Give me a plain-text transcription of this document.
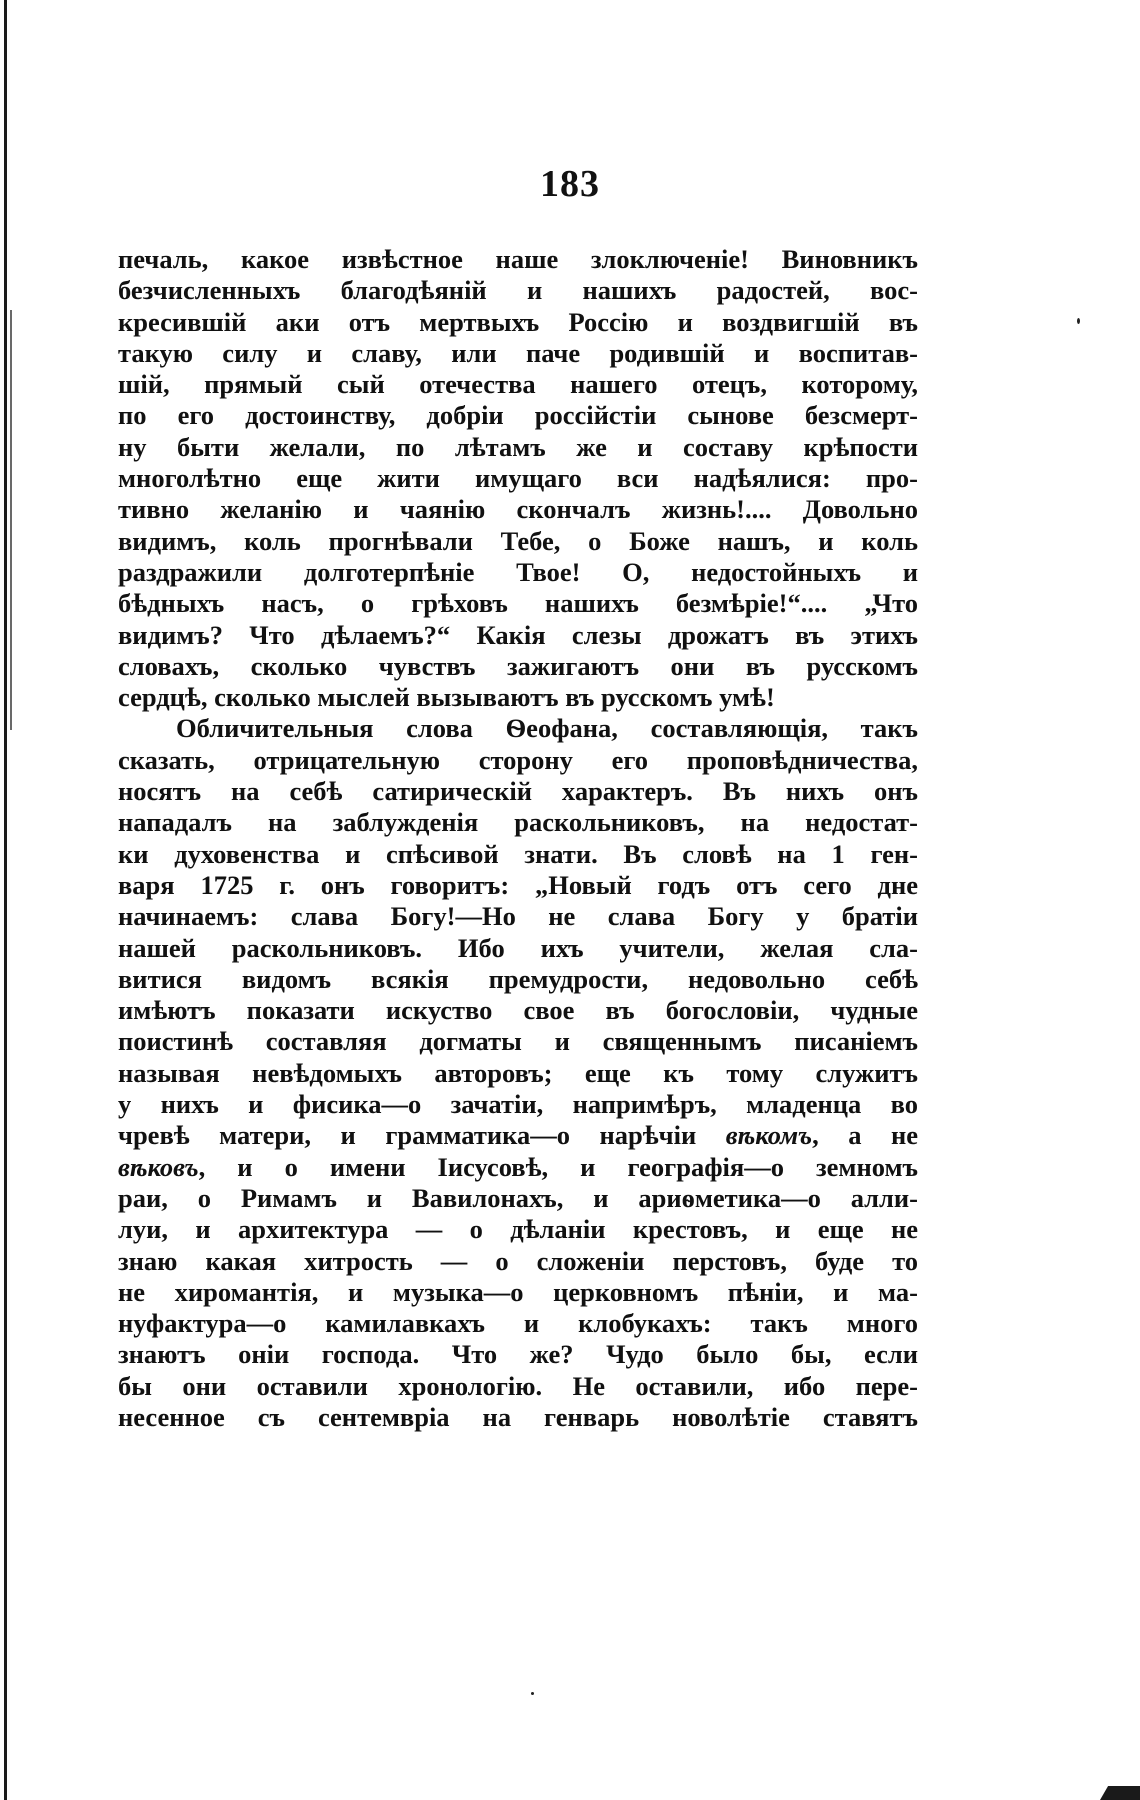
183
печаль, какое извѣстное наше злоключеніе! Виновникъ
безчисленныхъ благодѣяній и нашихъ радостей, вос-
кресившій аки отъ мертвыхъ Россію и воздвигшій въ
такую силу и славу, или паче родившій и воспитав-
шій, прямый сый отечества нашего отецъ, которому,
по его достоинству, добріи россійстіи сынове безсмерт-
ну быти желали, по лѣтамъ же и составу крѣпости
многолѣтно еще жити имущаго вси надѣялися: про-
тивно желанію и чаянію скончалъ жизнь!.... Довольно
видимъ, коль прогнѣвали Тебе, о Боже нашъ, и коль
раздражили долготерпѣніе Твое! О, недостойныхъ и
бѣдныхъ насъ, о грѣховъ нашихъ безмѣріе!“.... „Что
видимъ? Что дѣлаемъ?“ Какія слезы дрожатъ въ этихъ
словахъ, сколько чувствъ зажигаютъ они въ русскомъ
сердцѣ, сколько мыслей вызываютъ въ русскомъ умѣ!
Обличительныя слова Ѳеофана, составляющія, такъ
сказать, отрицательную сторону его проповѣдничества,
носятъ на себѣ сатирическій характеръ. Въ нихъ онъ
нападалъ на заблужденія раскольниковъ, на недостат-
ки духовенства и спѣсивой знати. Въ словѣ на 1 ген-
варя 1725 г. онъ говоритъ: „Новый годъ отъ сего дне
начинаемъ: слава Богу!—Но не слава Богу у братіи
нашей раскольниковъ. Ибо ихъ учители, желая сла-
витися видомъ всякія премудрости, недовольно себѣ
имѣютъ показати искуство свое въ богословіи, чудные
поистинѣ составляя догматы и священнымъ писаніемъ
называя невѣдомыхъ авторовъ; еще къ тому служитъ
у нихъ и фисика—о зачатіи, напримѣръ, младенца во
чревѣ матери, и грамматика—о нарѣчіи вѣкомъ, а не
вѣковъ, и о имени Іисусовѣ, и географія—о земномъ
раи, о Римамъ и Вавилонахъ, и ариѳметика—о алли-
луи, и архитектура — о дѣланіи крестовъ, и еще не
знаю какая хитрость — о сложеніи перстовъ, буде то
не хиромантія, и музыка—о церковномъ пѣніи, и ма-
нуфактура—о камилавкахъ и клобукахъ: такъ много
знаютъ оніи господа. Что же? Чудо было бы, если
бы они оставили хронологію. Не оставили, ибо пере-
несенное съ сентемвріа на генварь новолѣтіе ставятъ
